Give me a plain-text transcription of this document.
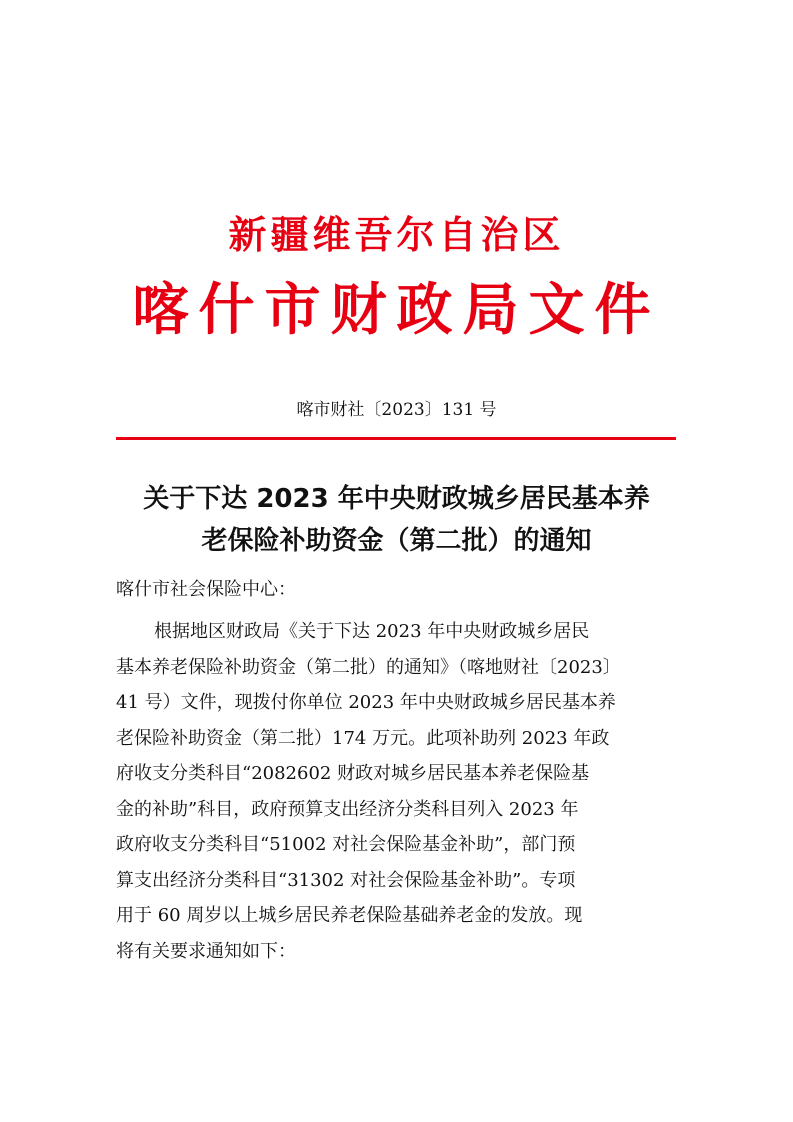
新疆维吾尔自治区
喀什市财政局文件
喀市财社〔2023〕131 号
关于下达 2023 年中央财政城乡居民基本养
老保险补助资金（第二批）的通知
喀什市社会保险中心：
根据地区财政局《关于下达 2023 年中央财政城乡居民
基本养老保险补助资金（第二批）的通知》（喀地财社〔2023〕
41 号）文件，现拨付你单位 2023 年中央财政城乡居民基本养
老保险补助资金（第二批）174 万元。此项补助列 2023 年政
府收支分类科目“2082602 财政对城乡居民基本养老保险基
金的补助”科目，政府预算支出经济分类科目列入 2023 年
政府收支分类科目“51002 对社会保险基金补助”，部门预
算支出经济分类科目“31302 对社会保险基金补助”。专项
用于 60 周岁以上城乡居民养老保险基础养老金的发放。现
将有关要求通知如下：
